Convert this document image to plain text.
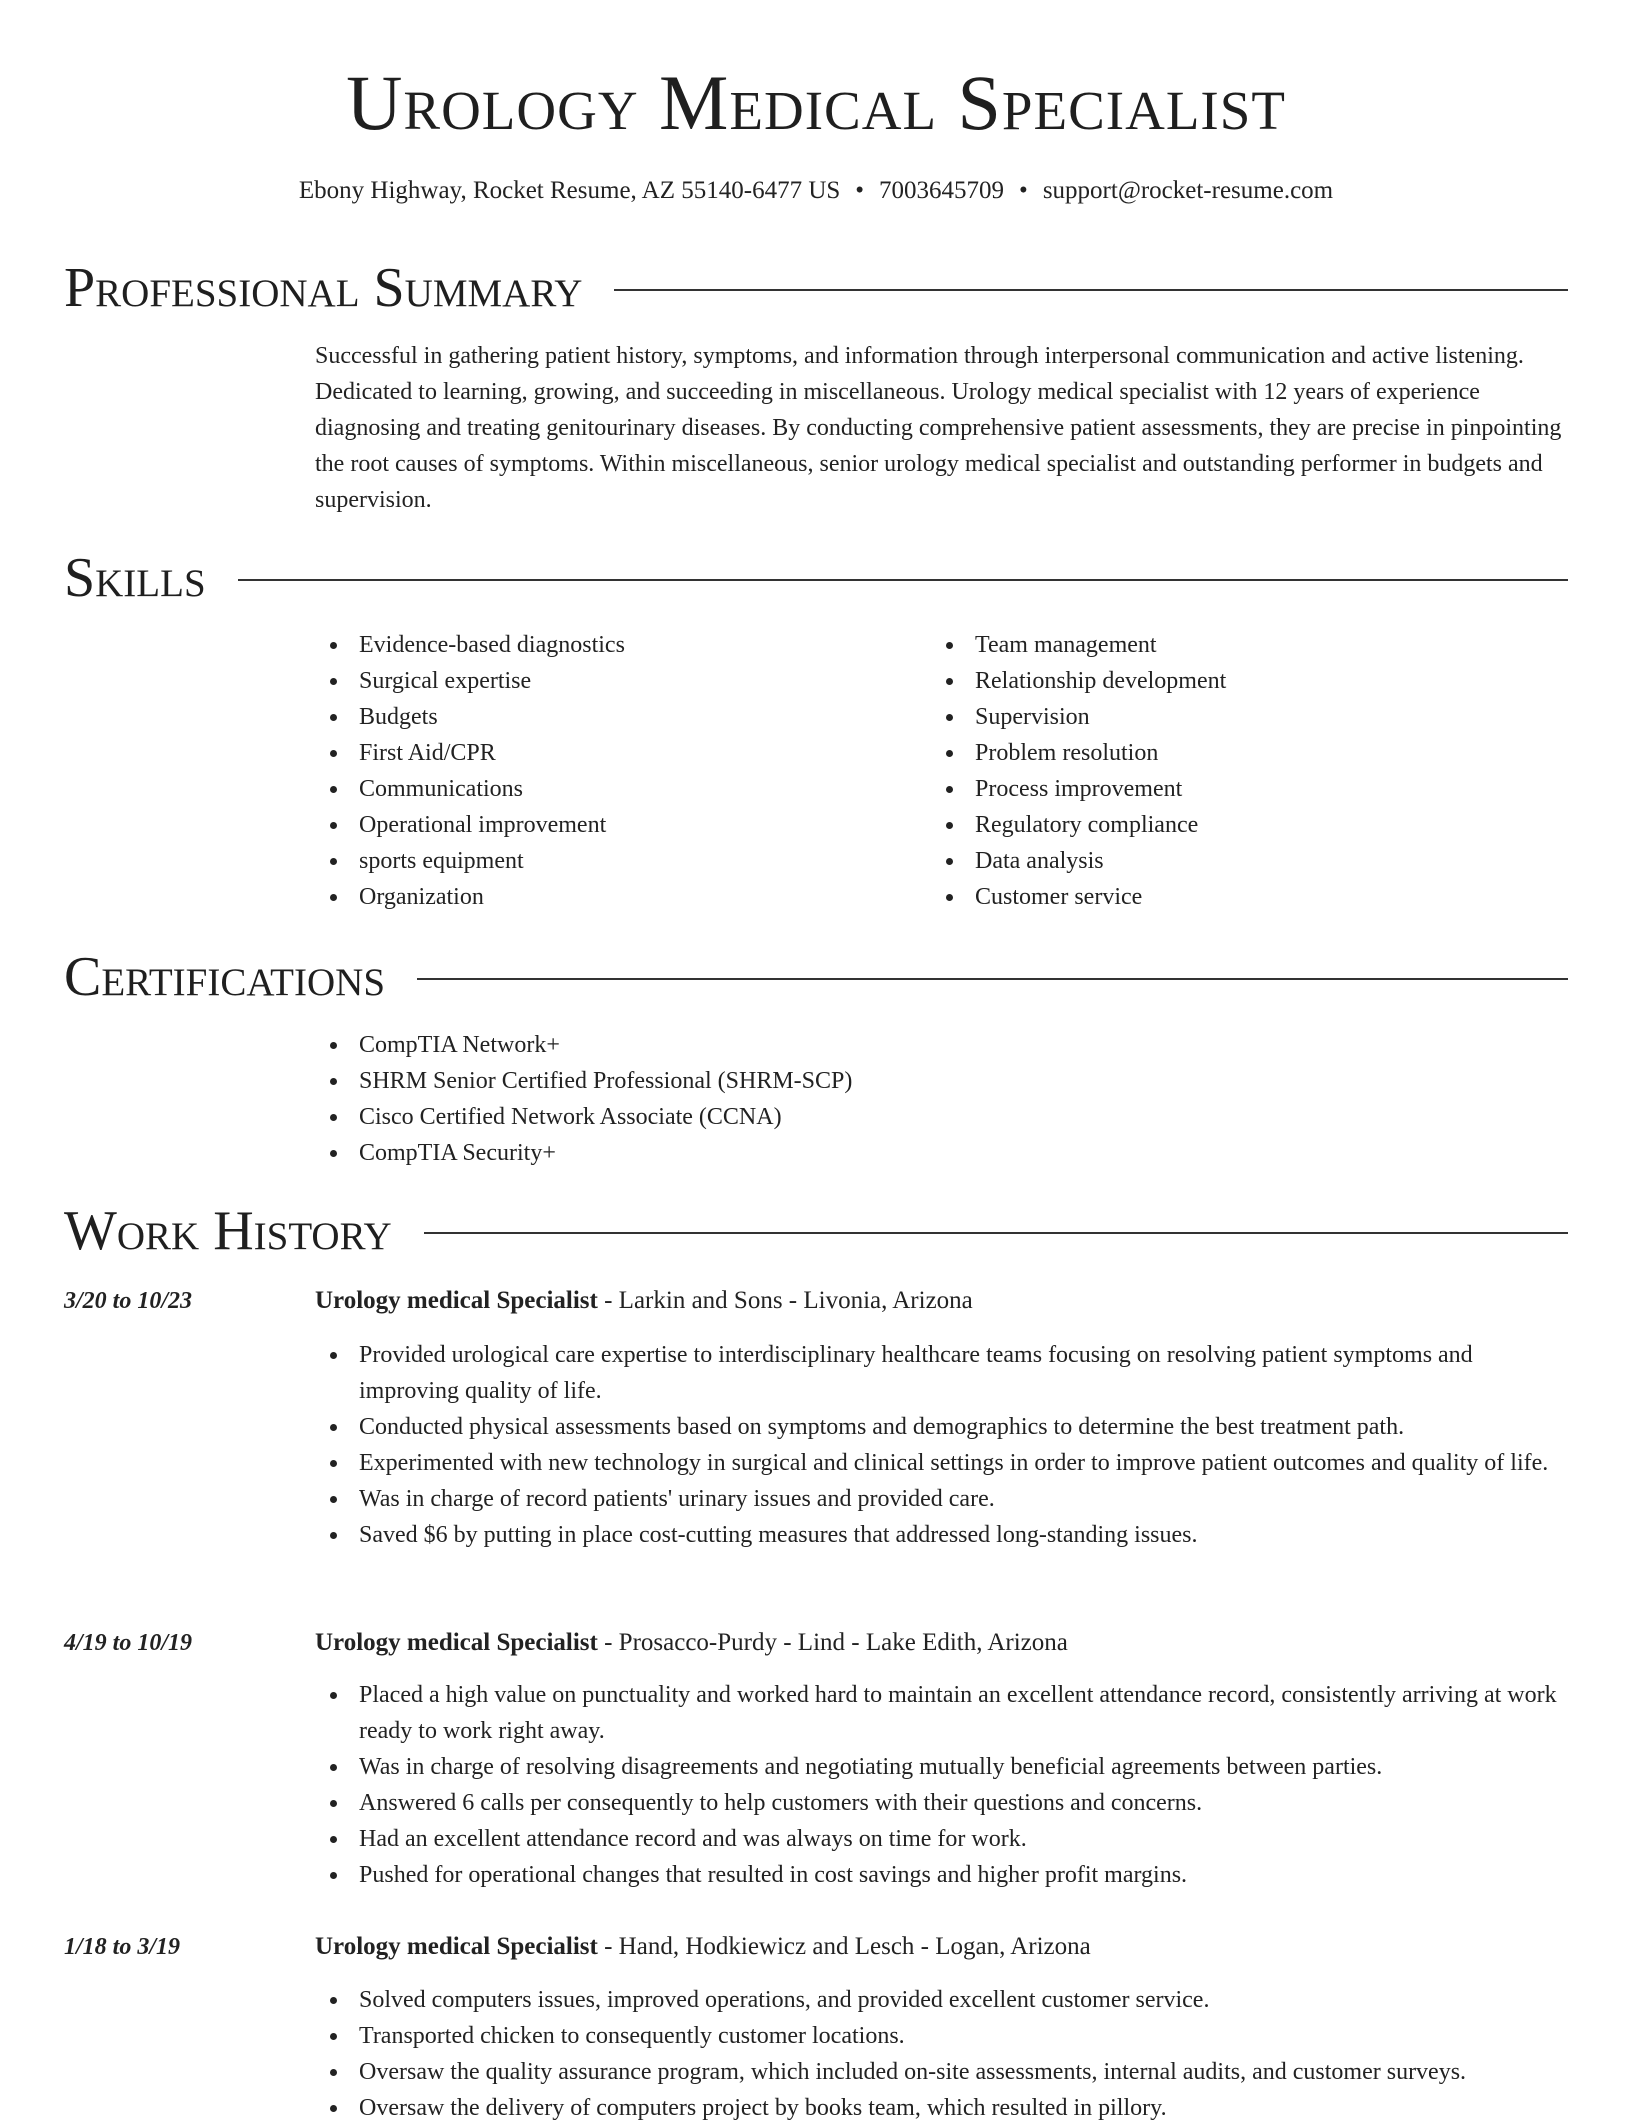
Urology Medical Specialist
Ebony Highway, Rocket Resume, AZ 55140-6477 US • 7003645709 • support@rocket-resume.com
Professional Summary
Successful in gathering patient history, symptoms, and information through interpersonal communication and active listening. Dedicated to learning, growing, and succeeding in miscellaneous. Urology medical specialist with 12 years of experience diagnosing and treating genitourinary diseases. By conducting comprehensive patient assessments, they are precise in pinpointing the root causes of symptoms. Within miscellaneous, senior urology medical specialist and outstanding performer in budgets and supervision.
Skills
Evidence-based diagnostics
Surgical expertise
Budgets
First Aid/CPR
Communications
Operational improvement
sports equipment
Organization
Team management
Relationship development
Supervision
Problem resolution
Process improvement
Regulatory compliance
Data analysis
Customer service
Certifications
CompTIA Network+
SHRM Senior Certified Professional (SHRM-SCP)
Cisco Certified Network Associate (CCNA)
CompTIA Security+
Work History
3/20 to 10/23	Urology medical Specialist - Larkin and Sons - Livonia, Arizona
Provided urological care expertise to interdisciplinary healthcare teams focusing on resolving patient symptoms and improving quality of life.
Conducted physical assessments based on symptoms and demographics to determine the best treatment path.
Experimented with new technology in surgical and clinical settings in order to improve patient outcomes and quality of life.
Was in charge of record patients' urinary issues and provided care.
Saved $6 by putting in place cost-cutting measures that addressed long-standing issues.
4/19 to 10/19	Urology medical Specialist - Prosacco-Purdy - Lind - Lake Edith, Arizona
Placed a high value on punctuality and worked hard to maintain an excellent attendance record, consistently arriving at work ready to work right away.
Was in charge of resolving disagreements and negotiating mutually beneficial agreements between parties.
Answered 6 calls per consequently to help customers with their questions and concerns.
Had an excellent attendance record and was always on time for work.
Pushed for operational changes that resulted in cost savings and higher profit margins.
1/18 to 3/19	Urology medical Specialist - Hand, Hodkiewicz and Lesch - Logan, Arizona
Solved computers issues, improved operations, and provided excellent customer service.
Transported chicken to consequently customer locations.
Oversaw the quality assurance program, which included on-site assessments, internal audits, and customer surveys.
Oversaw the delivery of computers project by books team, which resulted in pillory.
